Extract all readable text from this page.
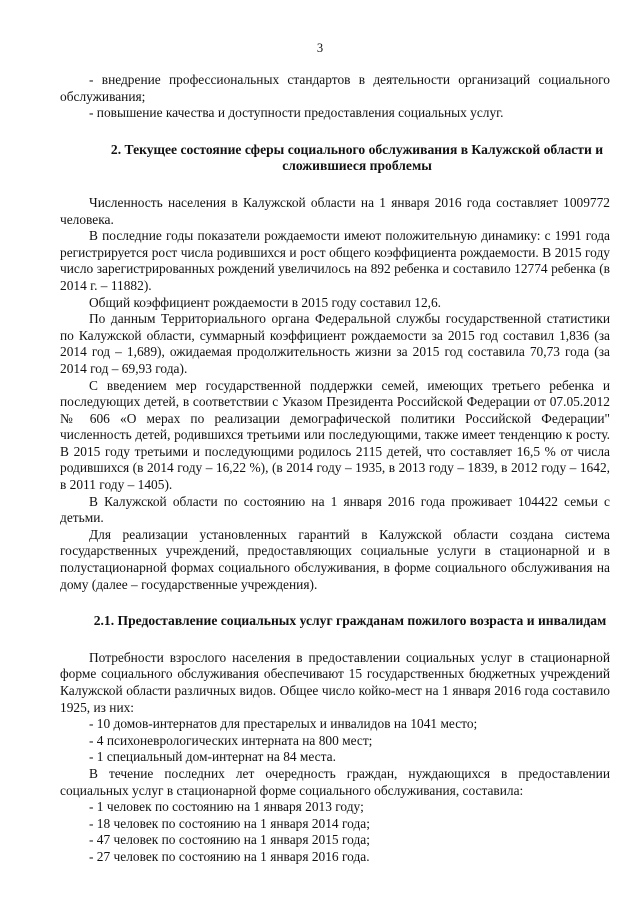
3

- внедрение профессиональных стандартов в деятельности организаций социального обслуживания;

- повышение качества и доступности предоставления социальных услуг.

2. Текущее состояние сферы социального обслуживания в Калужской области и сложившиеся проблемы

Численность населения в Калужской области на 1 января 2016 года составляет 1009772 человека.

В последние годы показатели рождаемости имеют положительную динамику: с 1991 года регистрируется рост числа родившихся и рост общего коэффициента рождаемости. В 2015 году число зарегистрированных рождений увеличилось на 892 ребенка и составило 12774 ребенка (в 2014 г. – 11882).

Общий коэффициент рождаемости в 2015 году составил 12,6.

По данным Территориального органа Федеральной службы государственной статистики по Калужской области, суммарный коэффициент рождаемости за 2015 год составил 1,836 (за 2014 год – 1,689), ожидаемая продолжительность жизни за 2015 год составила 70,73 года (за 2014 год – 69,93 года).

С введением мер государственной поддержки семей, имеющих третьего ребенка и последующих детей, в соответствии с Указом Президента Российской Федерации от 07.05.2012 № 606 «О мерах по реализации демографической политики Российской Федерации" численность детей, родившихся третьими или последующими, также имеет тенденцию к росту. В 2015 году третьими и последующими родилось 2115 детей, что составляет 16,5 % от числа родившихся (в 2014 году – 16,22 %), (в 2014 году – 1935, в 2013 году – 1839, в 2012 году – 1642, в 2011 году – 1405).

В Калужской области по состоянию на 1 января 2016 года проживает 104422 семьи с детьми.

Для реализации установленных гарантий в Калужской области создана система государственных учреждений, предоставляющих социальные услуги в стационарной и в полустационарной формах социального обслуживания, в форме социального обслуживания на дому (далее – государственные учреждения).

2.1. Предоставление социальных услуг гражданам пожилого возраста и инвалидам

Потребности взрослого населения в предоставлении социальных услуг в стационарной форме социального обслуживания обеспечивают 15 государственных бюджетных учреждений Калужской области различных видов. Общее число койко-мест на 1 января 2016 года составило 1925, из них:

- 10 домов-интернатов для престарелых и инвалидов на 1041 место;

- 4 психоневрологических интерната на 800 мест;

- 1 специальный дом-интернат на 84 места.

В течение последних лет очередность граждан, нуждающихся в предоставлении социальных услуг в стационарной форме социального обслуживания, составила:

- 1 человек по состоянию на 1 января 2013 году;

- 18 человек по состоянию на 1 января 2014 года;

- 47 человек по состоянию на 1 января 2015 года;

- 27 человек по состоянию на 1 января 2016 года.
